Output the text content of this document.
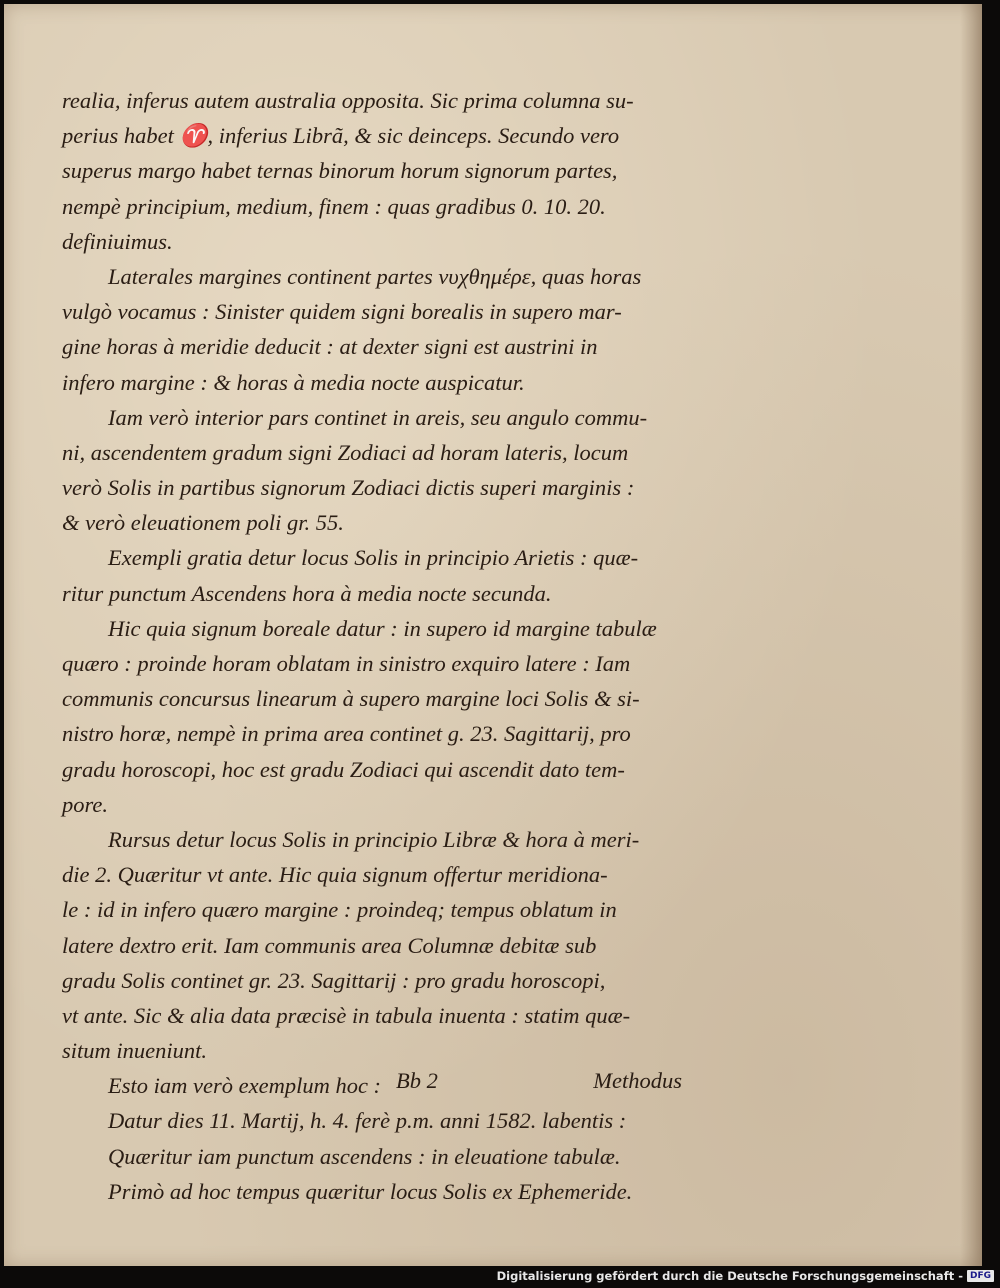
realia, inferus autem australia opposita. Sic prima columna su-
perius habet ♈, inferius Librã, & sic deinceps. Secundo vero
superus margo habet ternas binorum horum signorum partes,
nempè principium, medium, finem : quas gradibus 0. 10. 20.
definiuimus.
Laterales margines continent partes νυχθημέρε, quas horas
vulgò vocamus : Sinister quidem signi borealis in supero mar-
gine horas à meridie deducit : at dexter signi est austrini in
infero margine : & horas à media nocte auspicatur.
Iam verò interior pars continet in areis, seu angulo commu-
ni, ascendentem gradum signi Zodiaci ad horam lateris, locum
verò Solis in partibus signorum Zodiaci dictis superi marginis :
& verò eleuationem poli gr. 55.
Exempli gratia detur locus Solis in principio Arietis : quæ-
ritur punctum Ascendens hora à media nocte secunda.
Hic quia signum boreale datur : in supero id margine tabulæ
quæro : proinde horam oblatam in sinistro exquiro latere : Iam
communis concursus linearum à supero margine loci Solis & si-
nistro horæ, nempè in prima area continet g. 23. Sagittarij, pro
gradu horoscopi, hoc est gradu Zodiaci qui ascendit dato tem-
pore.
Rursus detur locus Solis in principio Libræ & hora à meri-
die 2. Quæritur vt ante. Hic quia signum offertur meridiona-
le : id in infero quæro margine : proindeq; tempus oblatum in
latere dextro erit. Iam communis area Columnæ debitæ sub
gradu Solis continet gr. 23. Sagittarij : pro gradu horoscopi,
vt ante. Sic & alia data præcisè in tabula inuenta : statim quæ-
situm inueniunt.
Esto iam verò exemplum hoc :
Datur dies 11. Martij, h. 4. ferè p.m. anni 1582. labentis :
Quæritur iam punctum ascendens : in eleuatione tabulæ.
Primò ad hoc tempus quæritur locus Solis ex Ephemeride.
Bb 2	Methodus
Digitalisierung gefördert durch die Deutsche Forschungsgemeinschaft - DFG
